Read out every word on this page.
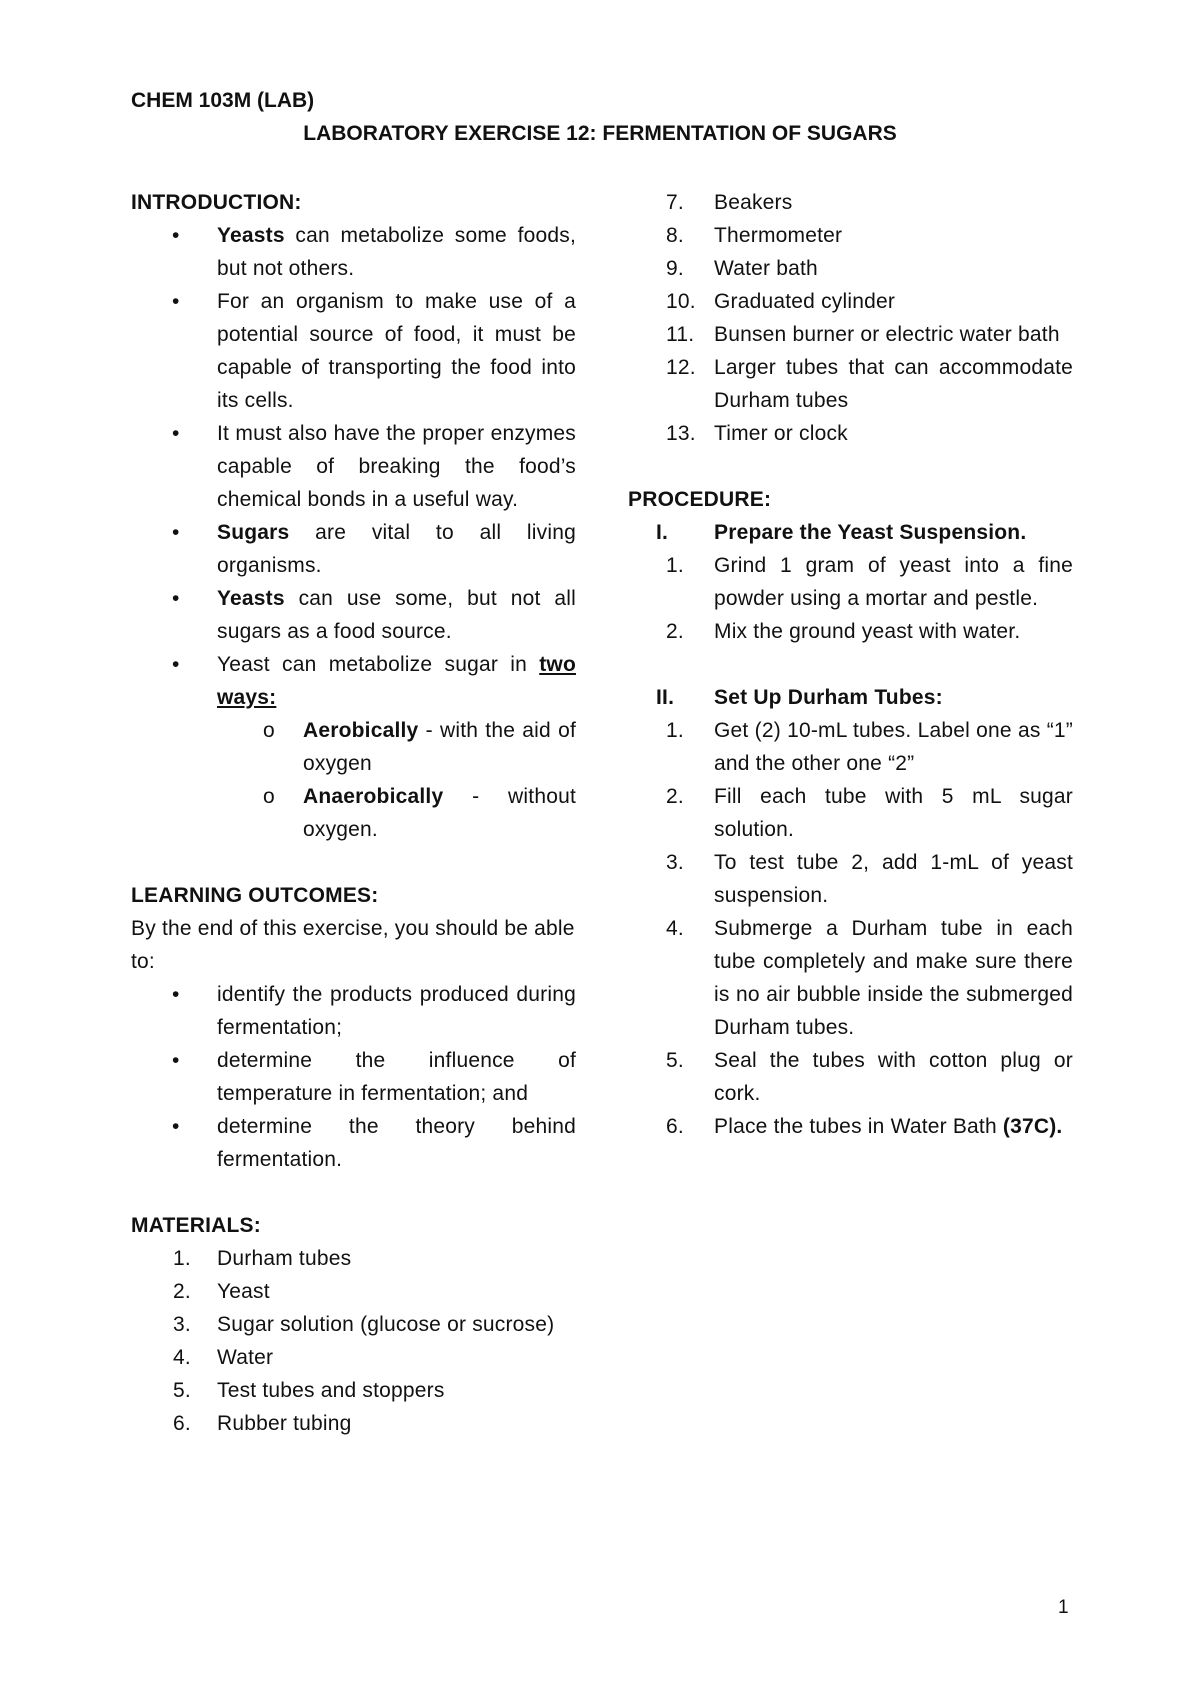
CHEM 103M (LAB)
LABORATORY EXERCISE 12: FERMENTATION OF SUGARS
INTRODUCTION:
• Yeasts can metabolize some foods, but not others.
• For an organism to make use of a potential source of food, it must be capable of transporting the food into its cells.
• It must also have the proper enzymes capable of breaking the food’s chemical bonds in a useful way.
• Sugars are vital to all living organisms.
• Yeasts can use some, but not all sugars as a food source.
• Yeast can metabolize sugar in two ways:
o Aerobically - with the aid of oxygen
o Anaerobically - without oxygen.
LEARNING OUTCOMES:
By the end of this exercise, you should be able to:
• identify the products produced during fermentation;
• determine the influence of temperature in fermentation; and
• determine the theory behind fermentation.
MATERIALS:
1.	Durham tubes
2.	Yeast
3.	Sugar solution (glucose or sucrose)
4.	Water
5.	Test tubes and stoppers
6.	Rubber tubing
7.	Beakers
8.	Thermometer
9.	Water bath
10. Graduated cylinder
11. Bunsen burner or electric water bath
12. Larger tubes that can accommodate Durham tubes
13. Timer or clock
PROCEDURE:
I. Prepare the Yeast Suspension.
1.	Grind 1 gram of yeast into a fine powder using a mortar and pestle.
2.	Mix the ground yeast with water.
II. Set Up Durham Tubes:
1.	Get (2) 10-mL tubes. Label one as “1” and the other one “2”
2.	Fill each tube with 5 mL sugar solution.
3.	To test tube 2, add 1-mL of yeast suspension.
4.	Submerge a Durham tube in each tube completely and make sure there is no air bubble inside the submerged Durham tubes.
5.	Seal the tubes with cotton plug or cork.
6.	Place the tubes in Water Bath (37C).
1
